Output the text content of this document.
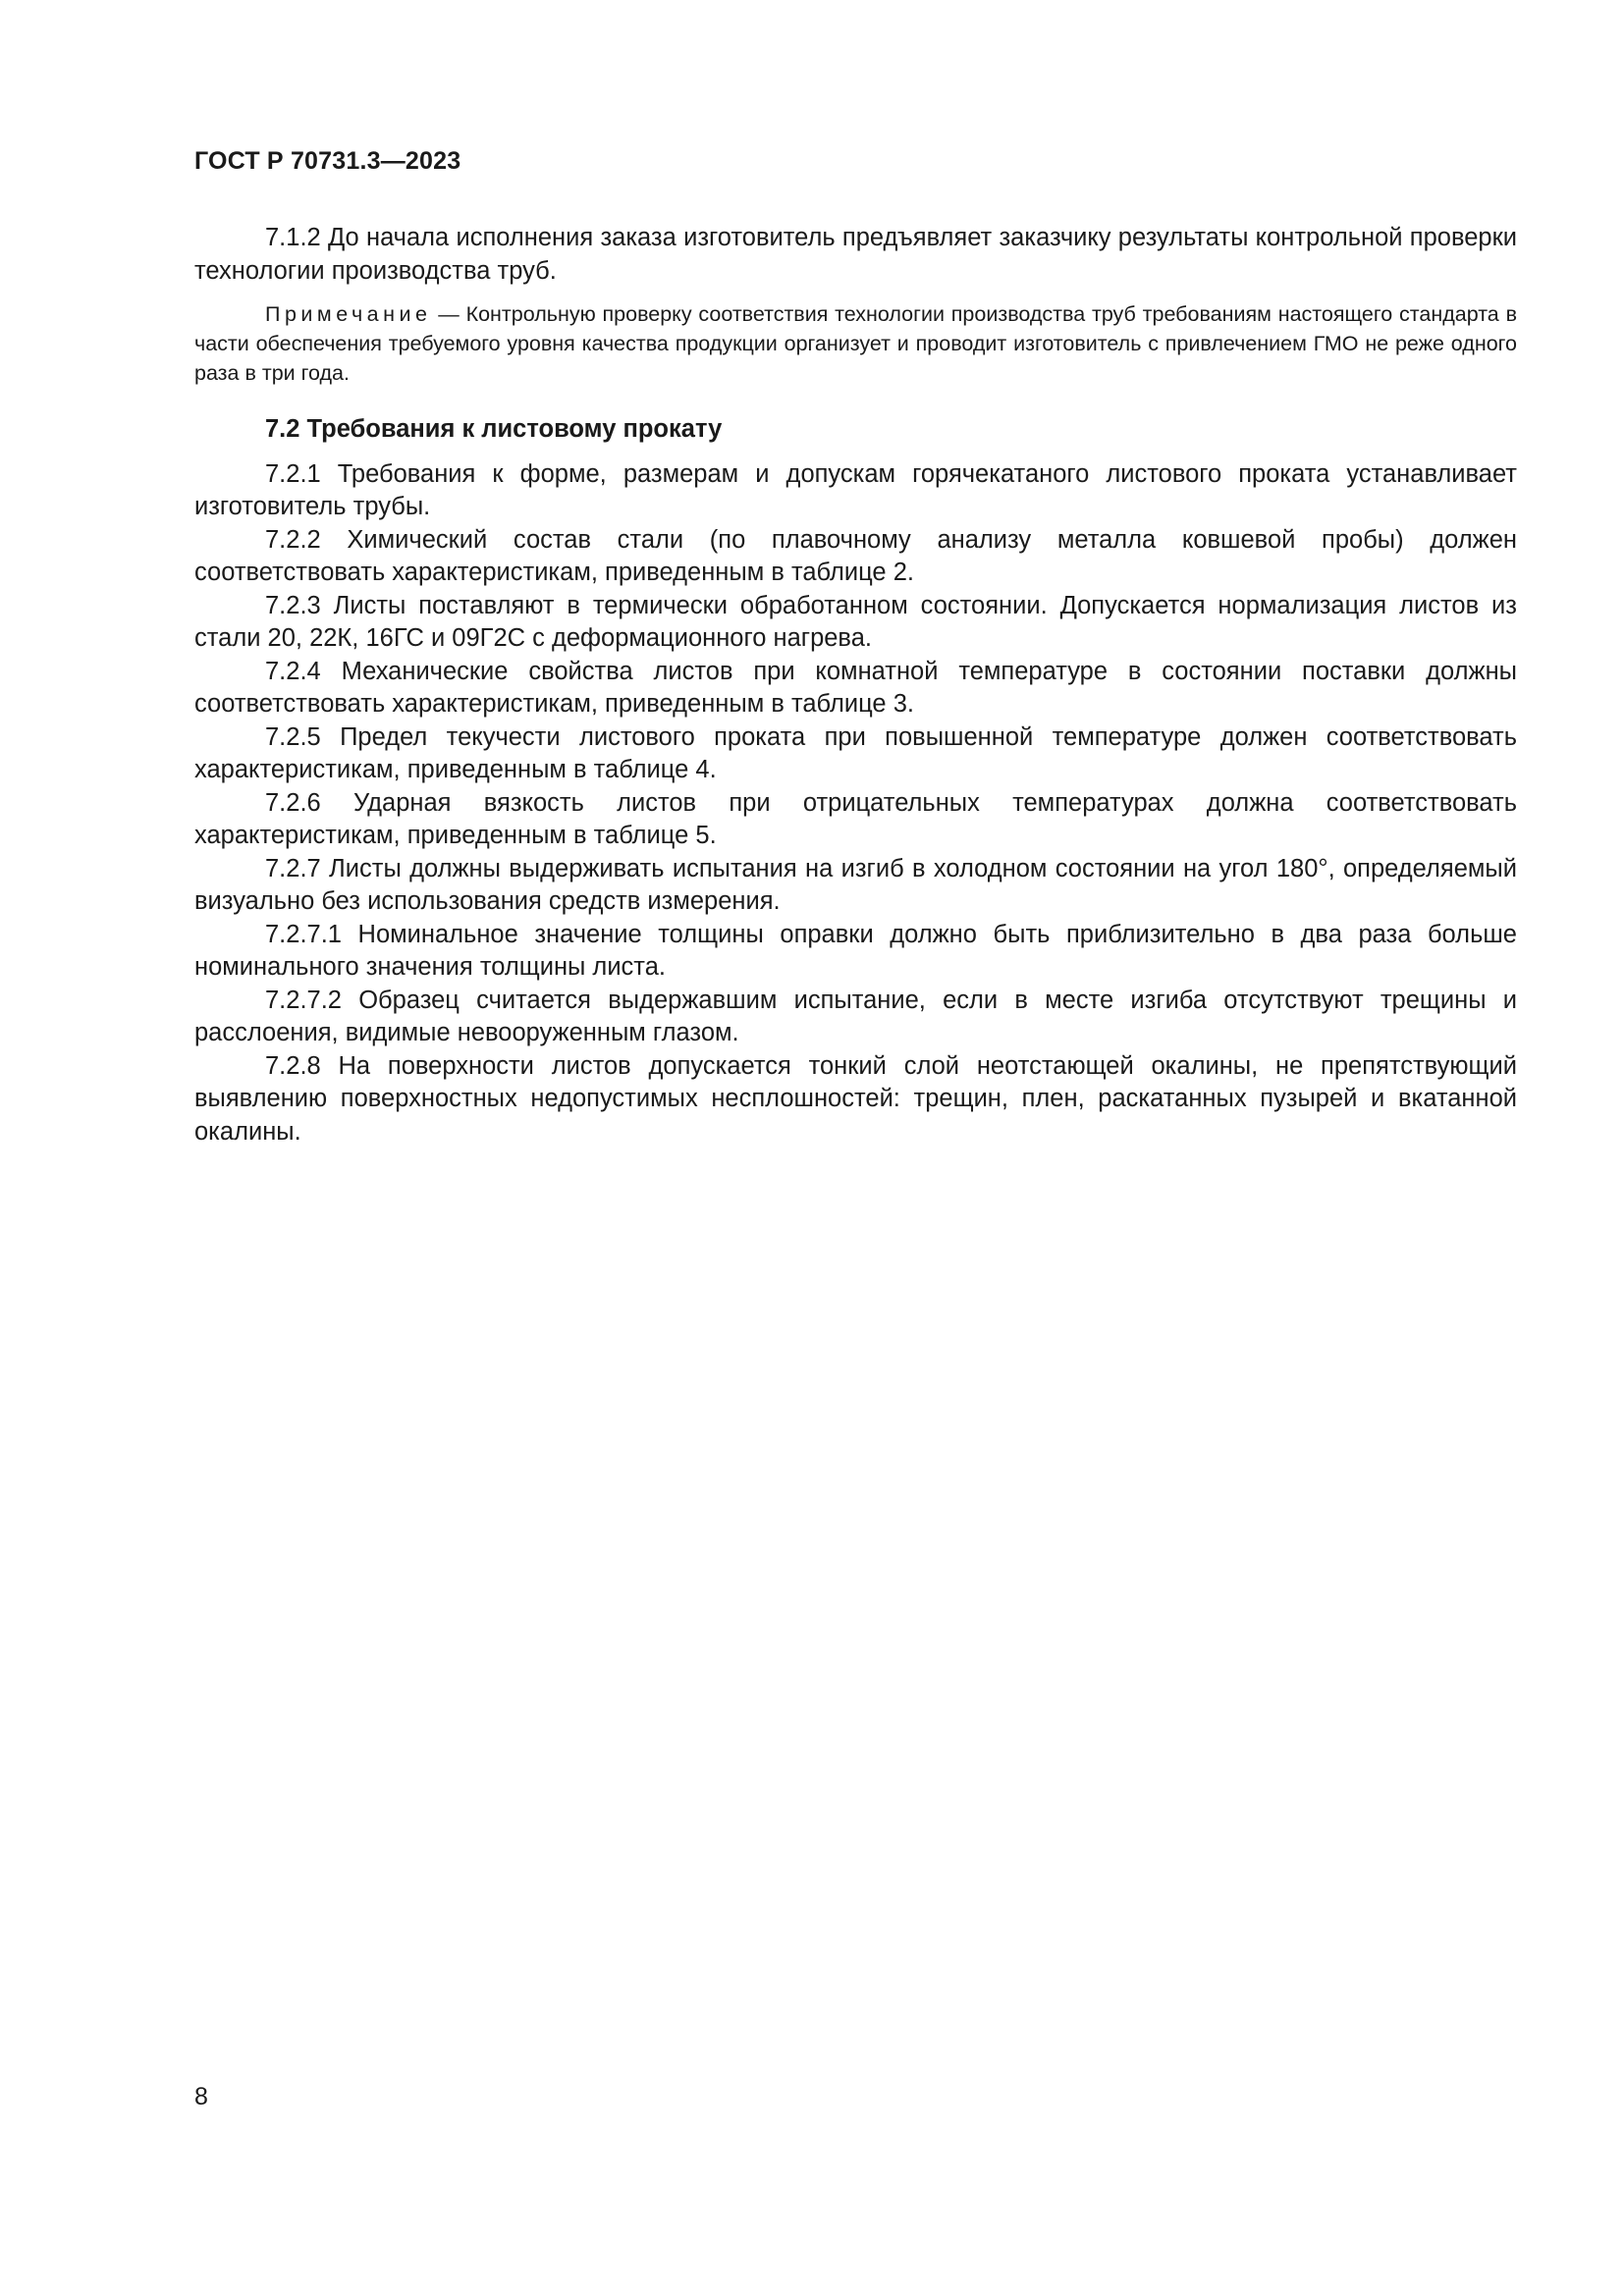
ГОСТ Р 70731.3—2023

7.1.2 До начала исполнения заказа изготовитель предъявляет заказчику результаты контрольной проверки технологии производства труб.

Примечание — Контрольную проверку соответствия технологии производства труб требованиям настоящего стандарта в части обеспечения требуемого уровня качества продукции организует и проводит изготовитель с привлечением ГМО не реже одного раза в три года.
7.2 Требования к листовому прокату

7.2.1 Требования к форме, размерам и допускам горячекатаного листового проката устанавливает изготовитель трубы.

7.2.2 Химический состав стали (по плавочному анализу металла ковшевой пробы) должен соответствовать характеристикам, приведенным в таблице 2.

7.2.3 Листы поставляют в термически обработанном состоянии. Допускается нормализация листов из стали 20, 22К, 16ГС и 09Г2С с деформационного нагрева.

7.2.4 Механические свойства листов при комнатной температуре в состоянии поставки должны соответствовать характеристикам, приведенным в таблице 3.

7.2.5 Предел текучести листового проката при повышенной температуре должен соответствовать характеристикам, приведенным в таблице 4.

7.2.6 Ударная вязкость листов при отрицательных температурах должна соответствовать характеристикам, приведенным в таблице 5.

7.2.7 Листы должны выдерживать испытания на изгиб в холодном состоянии на угол 180°, определяемый визуально без использования средств измерения.

7.2.7.1 Номинальное значение толщины оправки должно быть приблизительно в два раза больше номинального значения толщины листа.

7.2.7.2 Образец считается выдержавшим испытание, если в месте изгиба отсутствуют трещины и расслоения, видимые невооруженным глазом.

7.2.8 На поверхности листов допускается тонкий слой неотстающей окалины, не препятствующий выявлению поверхностных недопустимых несплошностей: трещин, плен, раскатанных пузырей и вкатанной окалины.

8
